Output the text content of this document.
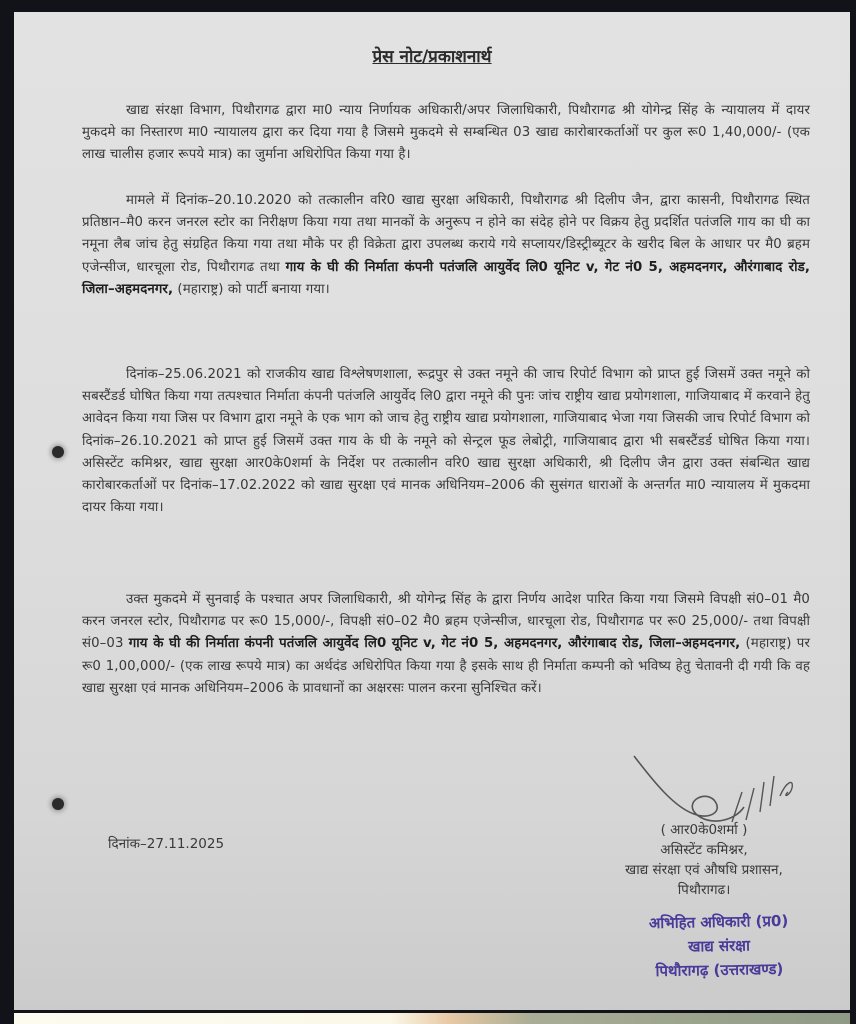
प्रेस नोट/प्रकाशनार्थ
खाद्य संरक्षा विभाग, पिथौरागढ द्वारा मा0 न्याय निर्णायक अधिकारी/अपर जिलाधिकारी, पिथौरागढ श्री योगेन्द्र सिंह के न्यायालय में दायर मुकदमे का निस्तारण मा0 न्यायालय द्वारा कर दिया गया है जिसमे मुकदमे से सम्बन्धित 03 खाद्य कारोबारकर्ताओं पर कुल रू0 1,40,000/- (एक लाख चालीस हजार रूपये मात्र) का जुर्माना अधिरोपित किया गया है।
मामले में दिनांक–20.10.2020 को तत्कालीन वरि0 खाद्य सुरक्षा अधिकारी, पिथौरागढ श्री दिलीप जैन, द्वारा कासनी, पिथौरागढ स्थित प्रतिष्ठान–मै0 करन जनरल स्टोर का निरीक्षण किया गया तथा मानकों के अनुरूप न होने का संदेह होने पर विक्रय हेतु प्रदर्शित पतंजलि गाय का घी का नमूना लैब जांच हेतु संग्रहित किया गया तथा मौके पर ही विक्रेता द्वारा उपलब्ध कराये गये सप्लायर/डिस्ट्रीब्यूटर के खरीद बिल के आधार पर मै0 ब्रहम एजेन्सीज, धारचूला रोड, पिथौरागढ तथा गाय के घी की निर्माता कंपनी पतंजलि आयुर्वेद लि0 यूनिट v, गेट नं0 5, अहमदनगर, औरंगाबाद रोड, जिला–अहमदनगर, (महाराष्ट्र) को पार्टी बनाया गया।
दिनांक–25.06.2021 को राजकीय खाद्य विश्लेषणशाला, रूद्रपुर से उक्त नमूने की जाच रिपोर्ट विभाग को प्राप्त हुई जिसमें उक्त नमूने को सबस्टैंडर्ड घोषित किया गया तत्पश्चात निर्माता कंपनी पतंजलि आयुर्वेद लि0 द्वारा नमूने की पुनः जांच राष्ट्रीय खाद्य प्रयोगशाला, गाजियाबाद में करवाने हेतु आवेदन किया गया जिस पर विभाग द्वारा नमूने के एक भाग को जाच हेतु राष्ट्रीय खाद्य प्रयोगशाला, गाजियाबाद भेजा गया जिसकी जाच रिपोर्ट विभाग को दिनांक–26.10.2021 को प्राप्त हुई जिसमें उक्त गाय के घी के नमूने को सेन्ट्रल फूड लेबोट्री, गाजियाबाद द्वारा भी सबस्टैंडर्ड घोषित किया गया। असिस्टेंट कमिश्नर, खाद्य सुरक्षा आर0के0शर्मा के निर्देश पर तत्कालीन वरि0 खाद्य सुरक्षा अधिकारी, श्री दिलीप जैन द्वारा उक्त संबन्धित खाद्य कारोबारकर्ताओं पर दिनांक–17.02.2022 को खाद्य सुरक्षा एवं मानक अधिनियम–2006 की सुसंगत धाराओं के अन्तर्गत मा0 न्यायालय में मुकदमा दायर किया गया।
उक्त मुकदमे में सुनवाई के पश्चात अपर जिलाधिकारी, श्री योगेन्द्र सिंह के द्वारा निर्णय आदेश पारित किया गया जिसमे विपक्षी सं0–01 मै0 करन जनरल स्टोर, पिथौरागढ पर रू0 15,000/-, विपक्षी सं0–02 मै0 ब्रहम एजेन्सीज, धारचूला रोड, पिथौरागढ पर रू0 25,000/- तथा विपक्षी सं0–03 गाय के घी की निर्माता कंपनी पतंजलि आयुर्वेद लि0 यूनिट v, गेट नं0 5, अहमदनगर, औरंगाबाद रोड, जिला–अहमदनगर, (महाराष्ट्र) पर रू0 1,00,000/- (एक लाख रूपये मात्र) का अर्थदंड अधिरोपित किया गया है इसके साथ ही निर्माता कम्पनी को भविष्य हेतु चेतावनी दी गयी कि वह खाद्य सुरक्षा एवं मानक अधिनियम–2006 के प्रावधानों का अक्षरसः पालन करना सुनिश्चित करें।
दिनांक–27.11.2025
( आर0के0शर्मा )
असिस्टेंट कमिश्नर,
खाद्य संरक्षा एवं औषधि प्रशासन,
पिथौरागढ।
अभिहित अधिकारी (प्र0)
खाद्य संरक्षा
पिथौरागढ़ (उत्तराखण्ड)
